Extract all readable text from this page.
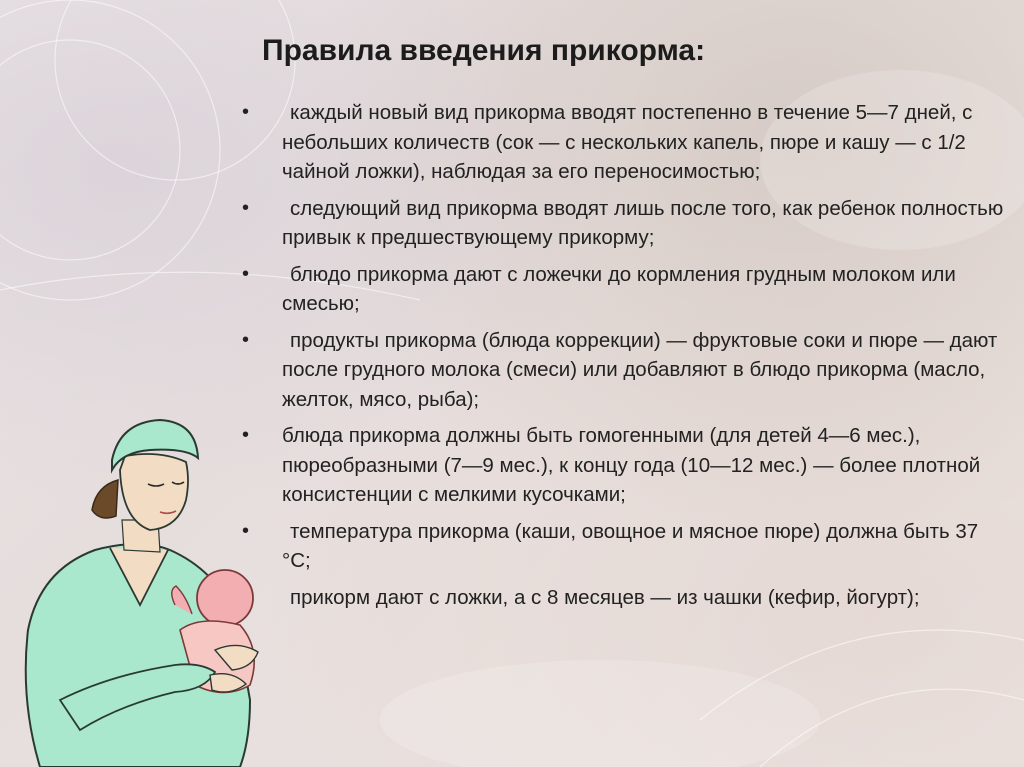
Правила введения прикорма:
• каждый новый вид прикорма вводят постепенно в течение 5—7 дней, с небольших количеств (сок — с нескольких капель, пюре и кашу — с 1/2 чайной ложки), наблюдая за его переносимостью;
• следующий вид прикорма вводят лишь после того, как ребенок полностью привык к предшествующему прикорму;
• блюдо прикорма дают с ложечки до кормления грудным молоком или смесью;
• продукты прикорма (блюда коррекции) — фруктовые соки и пюре — дают после грудного молока (смеси) или добавляют в блюдо прикорма (масло, желток, мясо, рыба);
• блюда прикорма должны быть гомогенными (для детей 4—6 мес.), пюреобразными (7—9 мес.), к концу года (10—12 мес.) — более плотной консистенции с мелкими кусочками;
• температура прикорма (каши, овощное и мясное пюре) должна быть 37 °С;
прикорм дают с ложки, а с 8 месяцев — из чашки (кефир, йогурт);
